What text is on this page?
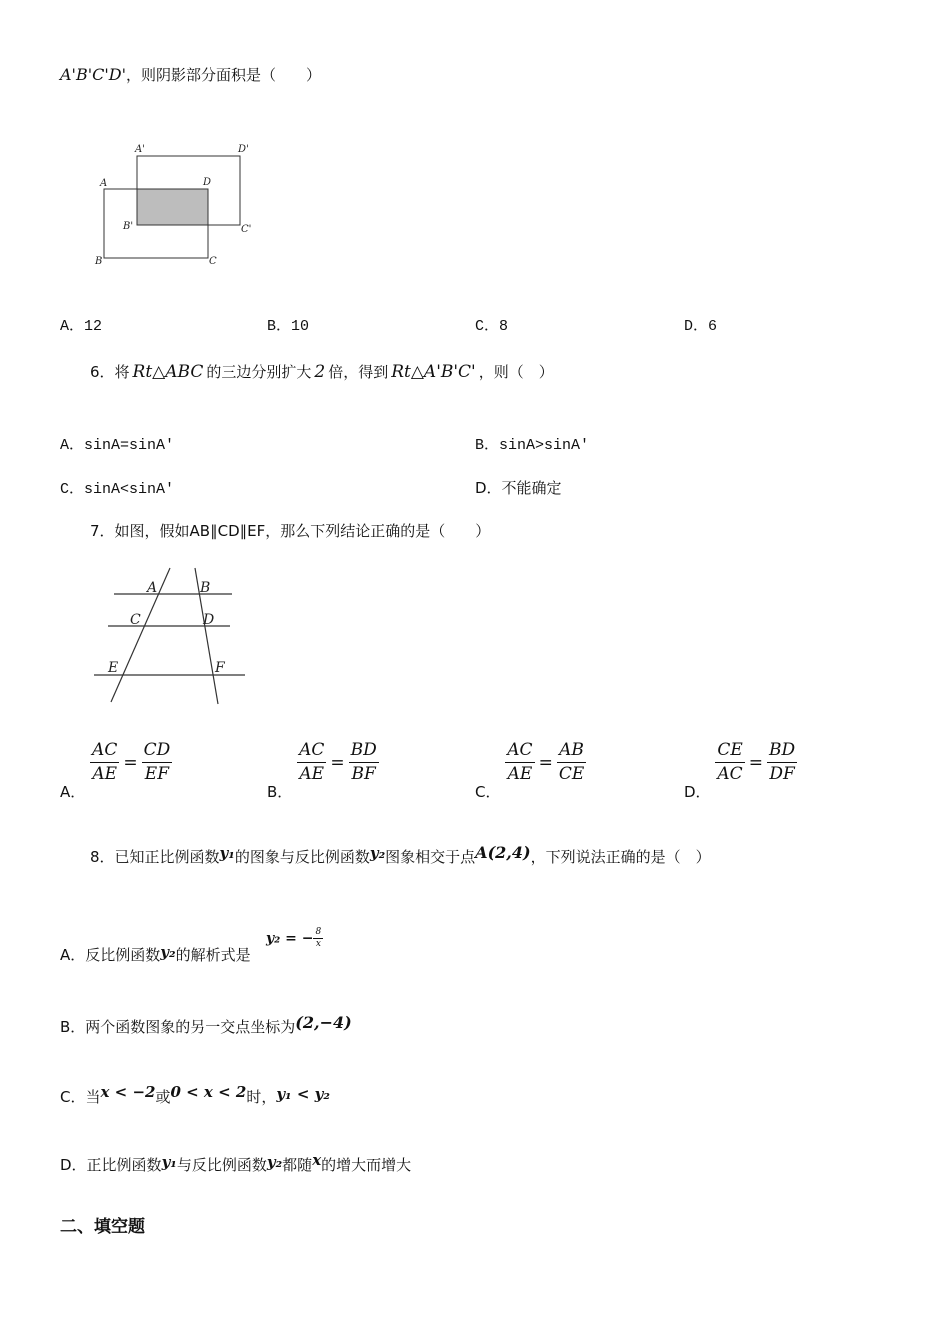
A'B'C'D'，则阴影部分面积是（　　）
A
B	C
D
A'
B'	C'
D'
A．12	B．10	C．8	D．6
6．将 Rt△ABC 的三边分别扩大 2 倍，得到 Rt△A'B'C' ，则（　）
A．sinA=sinA'	B．sinA>sinA'
C．sinA<sinA'	D．不能确定
7．如图，假如AB∥CD∥EF，那么下列结论正确的是（　　）
A	B
C	D
E	F
A．
$\frac{AC}{AE} = \frac{CD}{EF}$
B．
$\frac{AC}{AE} = \frac{BD}{BF}$
C．
$\frac{AC}{AE} = \frac{AB}{CE}$
D．
$\frac{CE}{AC} = \frac{BD}{DF}$
8．已知正比例函数y₁的图象与反比例函数y₂图象相交于点A(2,4)，下列说法正确的是（　）
A．反比例函数y₂的解析式是
y₂ = − $\frac{8}{x}$
B．两个函数图象的另一交点坐标为(2,−4)
C．当x < −2或0 < x < 2时，y₁ < y₂
D．正比例函数y₁与反比例函数y₂都随x的增大而增大
二、填空题
